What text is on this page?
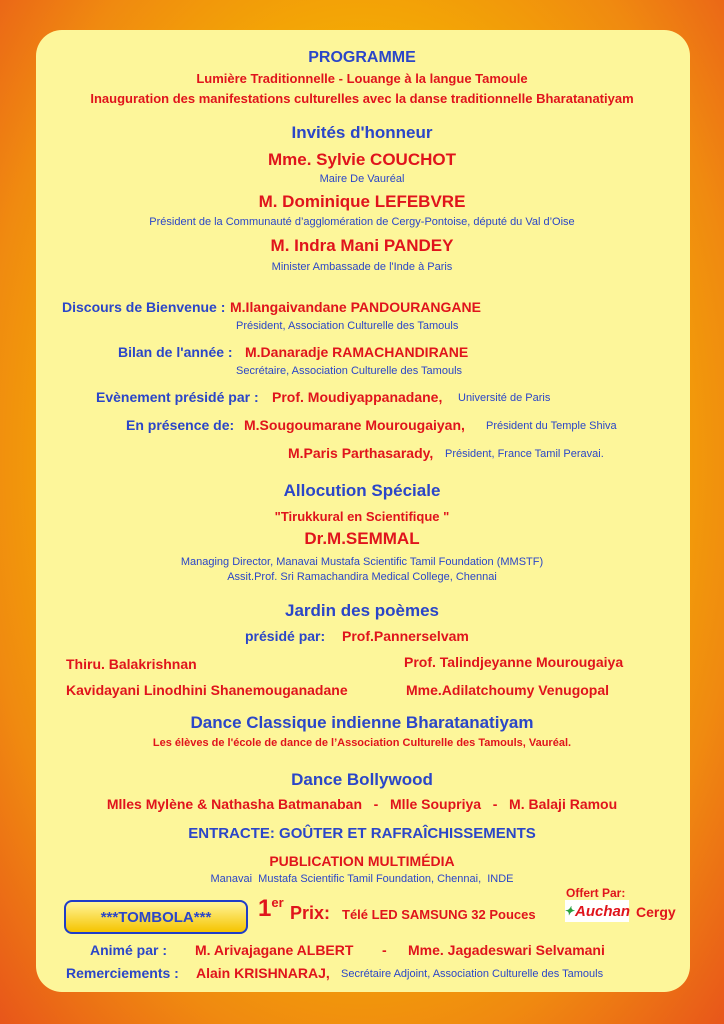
PROGRAMME
Lumière Traditionnelle - Louange à la langue Tamoule
Inauguration des manifestations culturelles avec la danse traditionnelle Bharatanatiyam
Invités d'honneur
Mme. Sylvie COUCHOT
Maire De Vauréal
M. Dominique LEFEBVRE
Président de la Communauté d’agglomération de Cergy-Pontoise, député du Val d’Oise
M. Indra Mani PANDEY
Minister Ambassade de l'Inde à Paris
Discours de Bienvenue : M.Ilangaivandane PANDOURANGANE
Président, Association Culturelle des Tamouls
Bilan de l'année : M.Danaradje RAMACHANDIRANE
Secrétaire, Association Culturelle des Tamouls
Evènement présidé par : Prof. Moudiyappanadane, Université de Paris
En présence de: M.Sougoumarane Mourougaiyan, Président du Temple Shiva
M.Paris Parthasarady, Président, France Tamil Peravai.
Allocution Spéciale
"Tirukkural en Scientifique "
Dr.M.SEMMAL
Managing Director, Manavai Mustafa Scientific Tamil Foundation (MMSTF)
Assit.Prof. Sri Ramachandira Medical College, Chennai
Jardin des poèmes
présidé par: Prof.Pannerselvam
Thiru. Balakrishnan	Prof. Talindjeyanne Mourougaiya
Kavidayani Linodhini Shanemouganadane	Mme.Adilatchoumy Venugopal
Dance Classique indienne Bharatanatiyam
Les élèves de l'école de dance de l’Association Culturelle des Tamouls, Vauréal.
Dance Bollywood
Mlles Mylène & Nathasha Batmanaban   -   Mlle Soupriya   -   M. Balaji Ramou
ENTRACTE: GOÛTER ET RAFRAÎCHISSEMENTS
PUBLICATION MULTIMÉDIA
Manavai  Mustafa Scientific Tamil Foundation, Chennai,  INDE
***TOMBOLA*** 1er
Prix: Télé LED SAMSUNG 32 Pouces
Offert Par:
✦ Auchan Cergy
Animé par : M. Arivajagane ALBERT - Mme. Jagadeswari Selvamani
Remerciements : Alain KRISHNARAJ, Secrétaire Adjoint, Association Culturelle des Tamouls
